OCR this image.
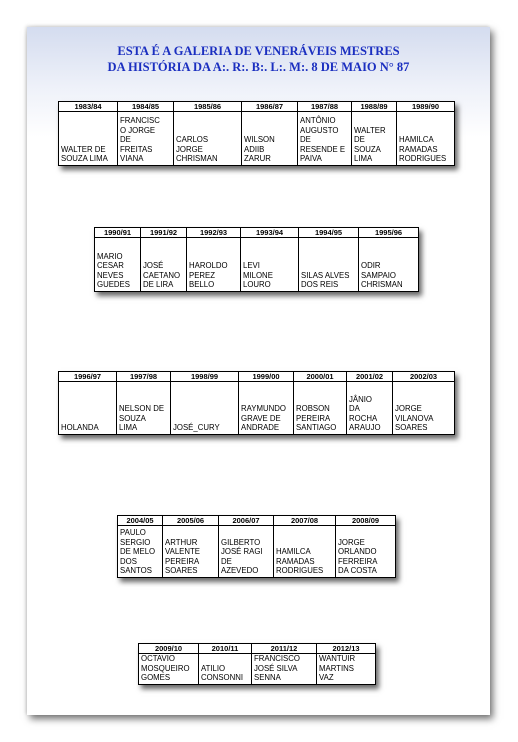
ESTA É A GALERIA DE VENERÁVEIS MESTRES
DA HISTÓRIA DA A:. R:. B:. L:. M:. 8 DE MAIO N° 87
1983/84	1984/85	1985/86	1986/87	1987/88	1988/89	1989/90

WALTER DE
SOUZA LIMA	FRANCISC
O JORGE
DE
FREITAS
VIANA	CARLOS
JORGE
CHRISMAN	WILSON
ADIIB
ZARUR	ANTÔNIO
AUGUSTO
DE
RESENDE E
PAIVA	WALTER
DE
SOUZA
LIMA	HAMILCA
RAMADAS
RODRIGUES
1990/91	1991/92	1992/93	1993/94	1994/95	1995/96

MARIO
CESAR
NEVES
GUEDES	JOSÉ
CAETANO
DE LIRA	HAROLDO
PEREZ
BELLO	LEVI
MILONE
LOURO	SILAS ALVES
DOS REIS	ODIR
SAMPAIO
CHRISMAN
1996/97	1997/98	1998/99	1999/00	2000/01	2001/02	2002/03

HOLANDA	NELSON DE
SOUZA
LIMA	JOSÉ_CURY	RAYMUNDO
GRAVE DE
ANDRADE	ROBSON
PEREIRA
SANTIAGO	JÂNIO
DA
ROCHA
ARAUJO	JORGE
VILANOVA
SOARES
2004/05	2005/06	2006/07	2007/08	2008/09

PAULO
SERGIO
DE MELO
DOS
SANTOS	ARTHUR
VALENTE
PEREIRA
SOARES	GILBERTO
JOSÉ RAGI
DE
AZEVEDO	HAMILCA
RAMADAS
RODRIGUES	JORGE
ORLANDO
FERREIRA
DA COSTA
2009/10	2010/11	2011/12	2012/13

OCTAVIO
MOSQUEIRO
GOMES	ATILIO
CONSONNI	FRANCISCO
JOSÉ SILVA
SENNA	WANTUIR
MARTINS
VAZ
